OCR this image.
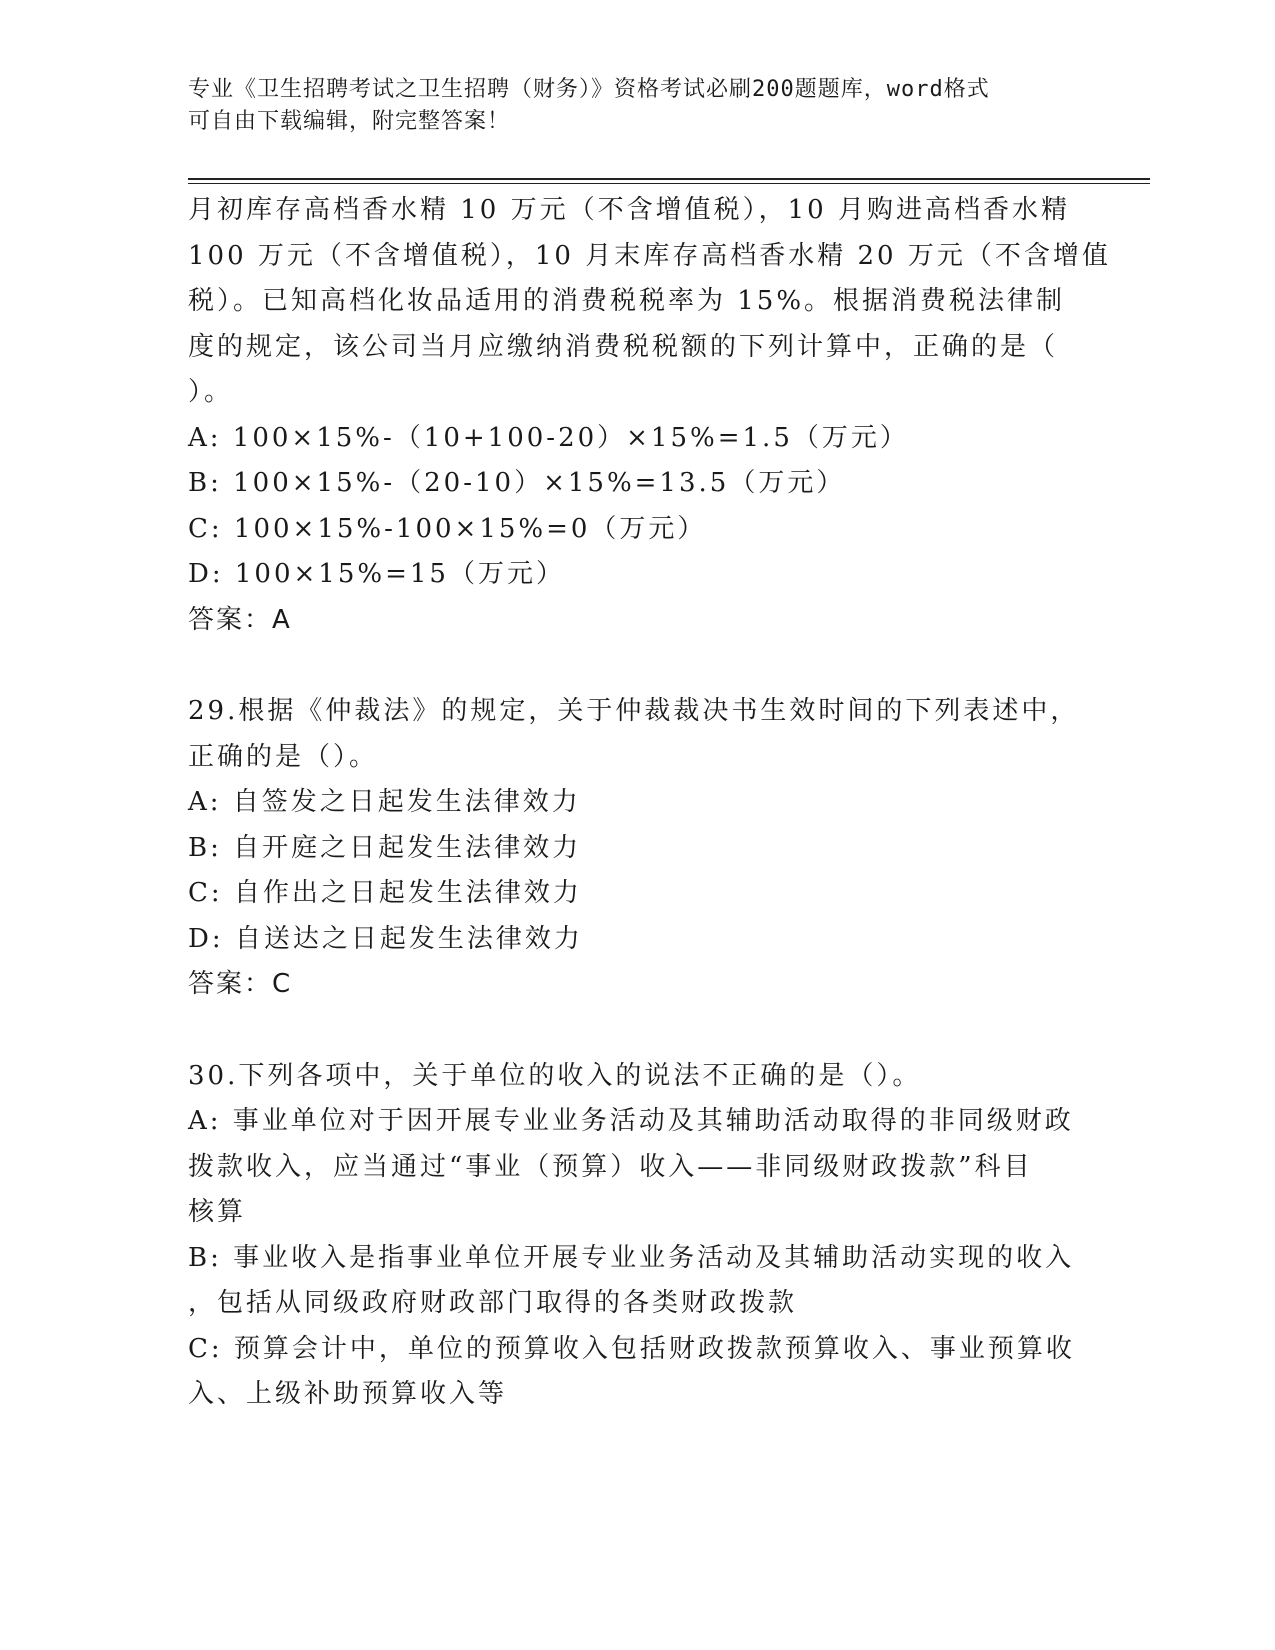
专业《卫生招聘考试之卫生招聘（财务）》资格考试必刷200题题库，word格式
可自由下载编辑，附完整答案！
月初库存高档香水精 10 万元（不含增值税），10 月购进高档香水精
100 万元（不含增值税），10 月末库存高档香水精 20 万元（不含增值
税）。已知高档化妆品适用的消费税税率为 15%。根据消费税法律制
度的规定，该公司当月应缴纳消费税税额的下列计算中，正确的是（
）。
A: 100×15%-（10+100-20）×15%=1.5（万元）
B: 100×15%-（20-10）×15%=13.5（万元）
C: 100×15%-100×15%=0（万元）
D: 100×15%=15（万元）
答案：A
29.根据《仲裁法》的规定，关于仲裁裁决书生效时间的下列表述中，
正确的是（）。
A: 自签发之日起发生法律效力
B: 自开庭之日起发生法律效力
C: 自作出之日起发生法律效力
D: 自送达之日起发生法律效力
答案：C
30.下列各项中，关于单位的收入的说法不正确的是（）。
A: 事业单位对于因开展专业业务活动及其辅助活动取得的非同级财政
拨款收入，应当通过“事业（预算）收入——非同级财政拨款”科目
核算
B: 事业收入是指事业单位开展专业业务活动及其辅助活动实现的收入
，包括从同级政府财政部门取得的各类财政拨款
C: 预算会计中，单位的预算收入包括财政拨款预算收入、事业预算收
入、上级补助预算收入等
